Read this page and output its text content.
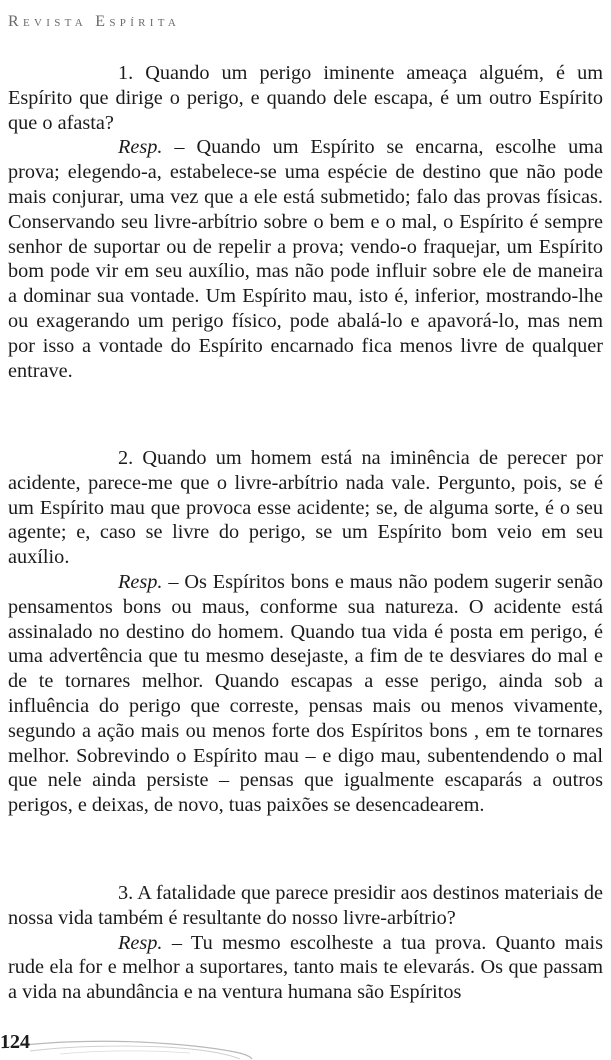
Revista Espírita

1. Quando um perigo iminente ameaça alguém, é um Espírito que dirige o perigo, e quando dele escapa, é um outro Espírito que o afasta?

Resp. – Quando um Espírito se encarna, escolhe uma prova; elegendo-a, estabelece-se uma espécie de destino que não pode mais conjurar, uma vez que a ele está submetido; falo das provas físicas. Conservando seu livre-arbítrio sobre o bem e o mal, o Espírito é sempre senhor de suportar ou de repelir a prova; vendo-o fraquejar, um Espírito bom pode vir em seu auxílio, mas não pode influir sobre ele de maneira a dominar sua vontade. Um Espírito mau, isto é, inferior, mostrando-lhe ou exagerando um perigo físico, pode abalá-lo e apavorá-lo, mas nem por isso a vontade do Espírito encarnado fica menos livre de qualquer entrave.

2. Quando um homem está na iminência de perecer por acidente, parece-me que o livre-arbítrio nada vale. Pergunto, pois, se é um Espírito mau que provoca esse acidente; se, de alguma sorte, é o seu agente; e, caso se livre do perigo, se um Espírito bom veio em seu auxílio.

Resp. – Os Espíritos bons e maus não podem sugerir senão pensamentos bons ou maus, conforme sua natureza. O acidente está assinalado no destino do homem. Quando tua vida é posta em perigo, é uma advertência que tu mesmo desejaste, a fim de te desviares do mal e de te tornares melhor. Quando escapas a esse perigo, ainda sob a influência do perigo que correste, pensas mais ou menos vivamente, segundo a ação mais ou menos forte dos Espíritos bons , em te tornares melhor. Sobrevindo o Espírito mau – e digo mau, subentendendo o mal que nele ainda persiste – pensas que igualmente escaparás a outros perigos, e deixas, de novo, tuas paixões se desencadearem.

3. A fatalidade que parece presidir aos destinos materiais de nossa vida também é resultante do nosso livre-arbítrio?

Resp. – Tu mesmo escolheste a tua prova. Quanto mais rude ela for e melhor a suportares, tanto mais te elevarás. Os que passam a vida na abundância e na ventura humana são Espíritos

124
